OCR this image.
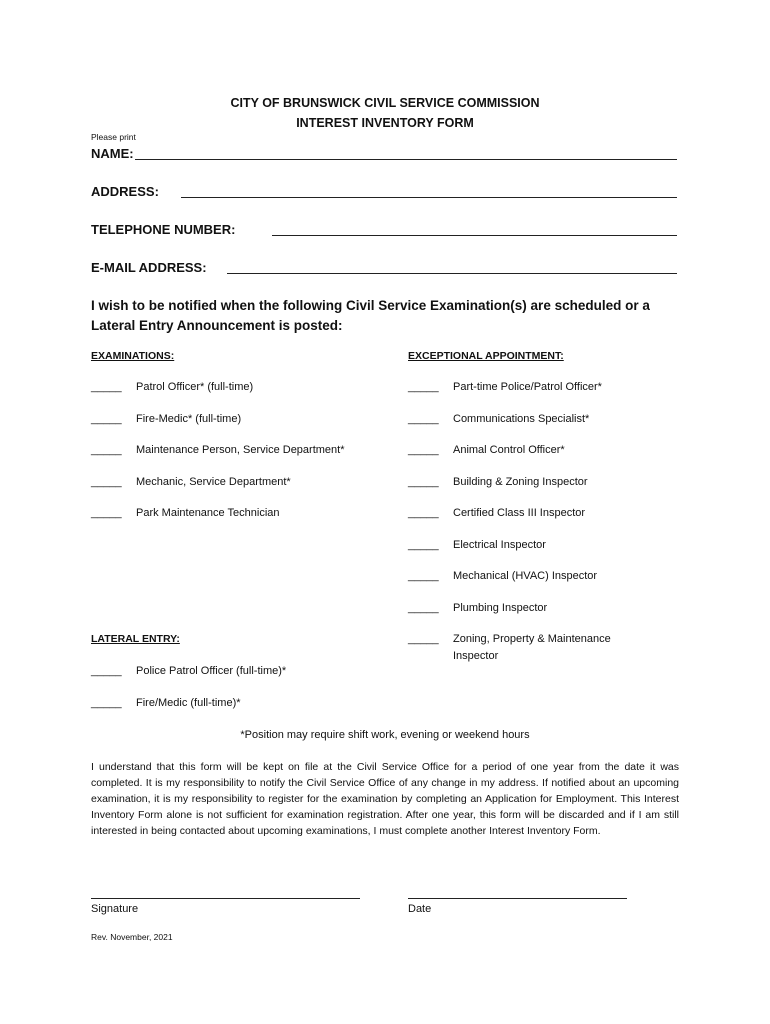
CITY OF BRUNSWICK CIVIL SERVICE COMMISSION
INTEREST INVENTORY FORM
Please print
NAME:
ADDRESS:
TELEPHONE NUMBER:
E-MAIL ADDRESS:
I wish to be notified when the following Civil Service Examination(s) are scheduled or a
Lateral Entry Announcement is posted:
EXAMINATIONS:
_____ Patrol Officer* (full-time)
_____ Fire-Medic* (full-time)
_____ Maintenance Person, Service Department*
_____ Mechanic, Service Department*
_____ Park Maintenance Technician
EXCEPTIONAL APPOINTMENT:
_____ Part-time Police/Patrol Officer*
_____ Communications Specialist*
_____ Animal Control Officer*
_____ Building & Zoning Inspector
_____ Certified Class III Inspector
_____ Electrical Inspector
_____ Mechanical (HVAC) Inspector
_____ Plumbing Inspector
_____ Zoning, Property & Maintenance
Inspector
LATERAL ENTRY:
_____ Police Patrol Officer (full-time)*
_____ Fire/Medic (full-time)*
*Position may require shift work, evening or weekend hours
I understand that this form will be kept on file at the Civil Service Office for a period of one year from the date it was completed. It is my responsibility to notify the Civil Service Office of any change in my address. If notified about an upcoming examination, it is my responsibility to register for the examination by completing an Application for Employment. This Interest Inventory Form alone is not sufficient for examination registration. After one year, this form will be discarded and if I am still interested in being contacted about upcoming examinations, I must complete another Interest Inventory Form.
Signature	Date
Rev. November, 2021
